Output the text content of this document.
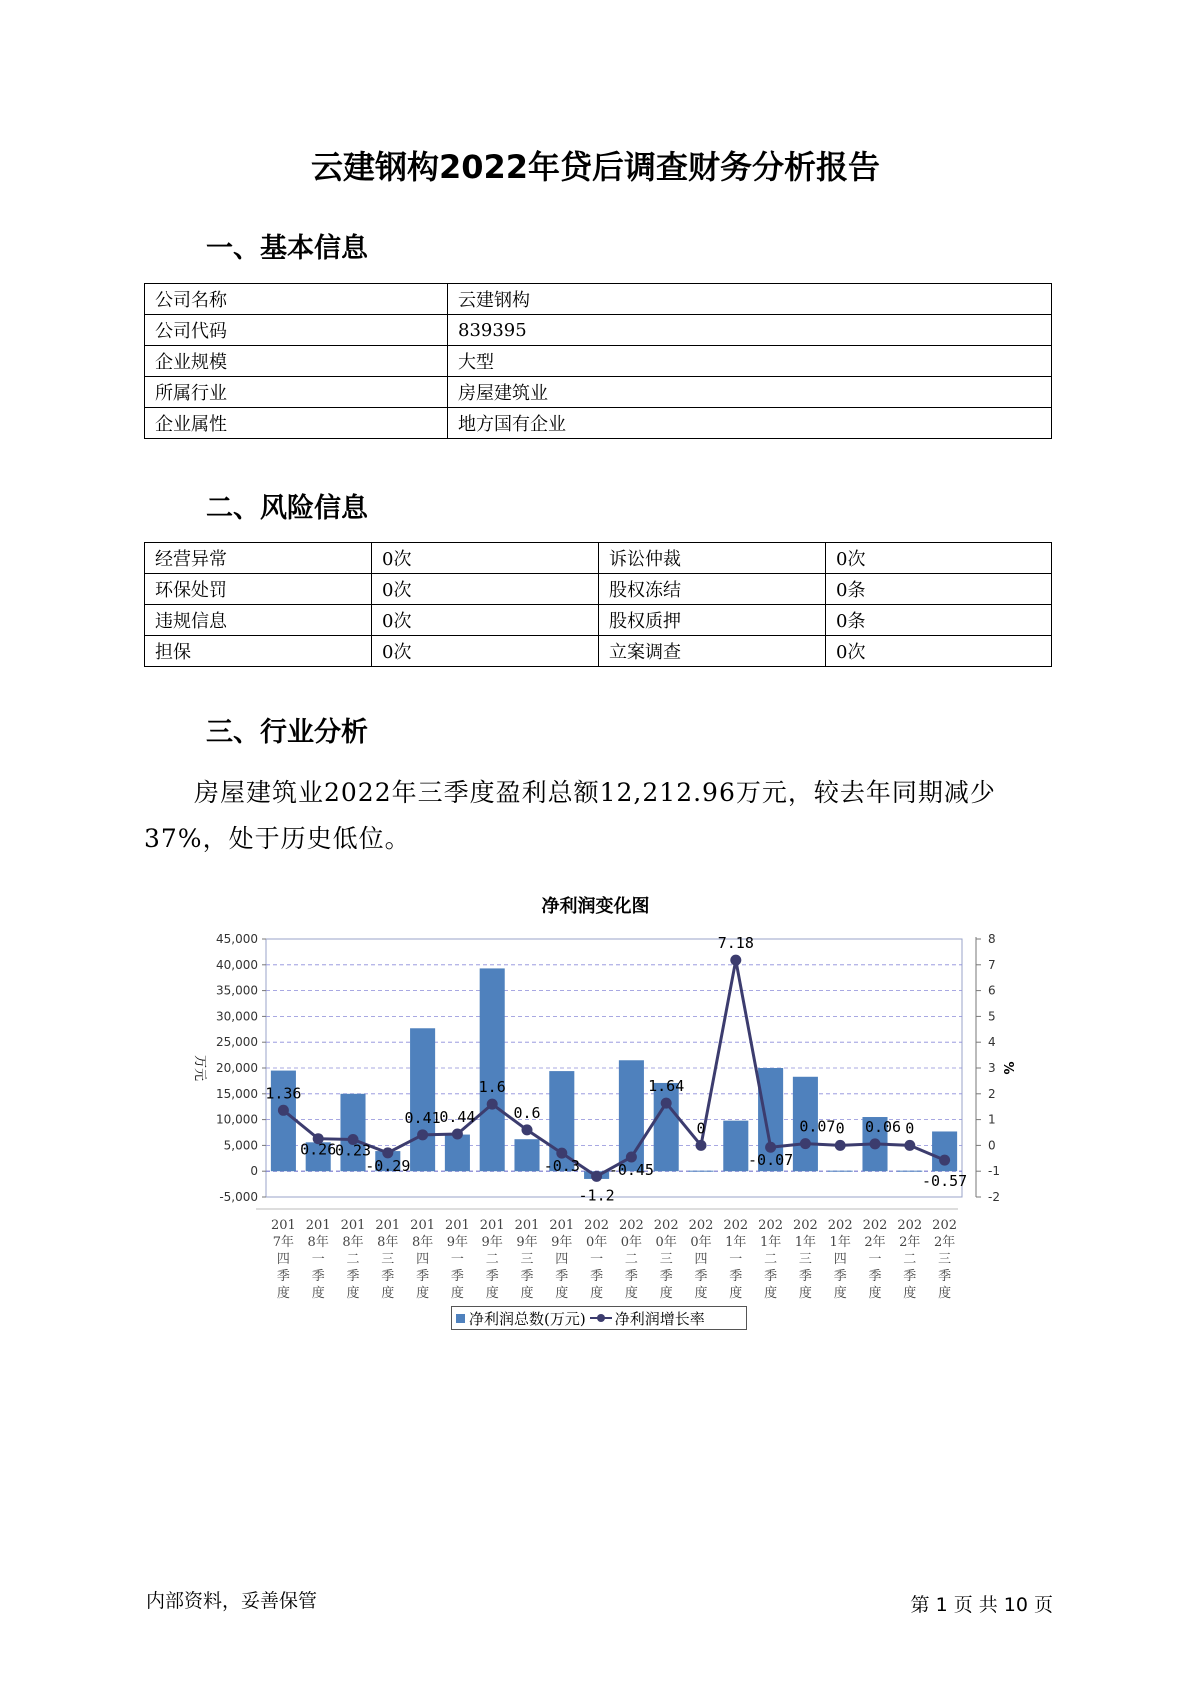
云建钢构2022年贷后调查财务分析报告
一、基本信息
公司名称	云建钢构
公司代码	839395
企业规模	大型
所属行业	房屋建筑业
企业属性	地方国有企业
二、风险信息
经营异常	0次	诉讼仲裁	0次
环保处罚	0次	股权冻结	0条
违规信息	0次	股权质押	0条
担保	0次	立案调查	0次
三、行业分析
房屋建筑业2022年三季度盈利总额12,212.96万元，较去年同期减少37%，处于历史低位。
净利润变化图
45,000
40,000
35,000
30,000
25,000
20,000
15,000
10,000
5,000
0
-5,000
8
7
6
5
4
3
2
1
0
-1
-2
万元	%
1.36
0.26
0.23
-0.29
0.41
0.44
1.6
0.6
-0.3
-1.2
-0.45
1.64
0
7.18
-0.07
0.07 0 0.06 0
-0.57
201
7年
四
季
度
201
8年
一
季
度
201
8年
二
季
度
201
8年
三
季
度
201
8年
四
季
度
201
9年
一
季
度
201
9年
二
季
度
201
9年
三
季
度
201
9年
四
季
度
202
0年
一
季
度
202
0年
二
季
度
202
0年
三
季
度
202
0年
四
季
度
202
1年
一
季
度
202
1年
二
季
度
202
1年
三
季
度
202
1年
四
季
度
202
2年
一
季
度
202
2年
二
季
度
202
2年
三
季
度
净利润总数(万元) 净利润增长率
内部资料，妥善保管	第 1 页 共 10 页
